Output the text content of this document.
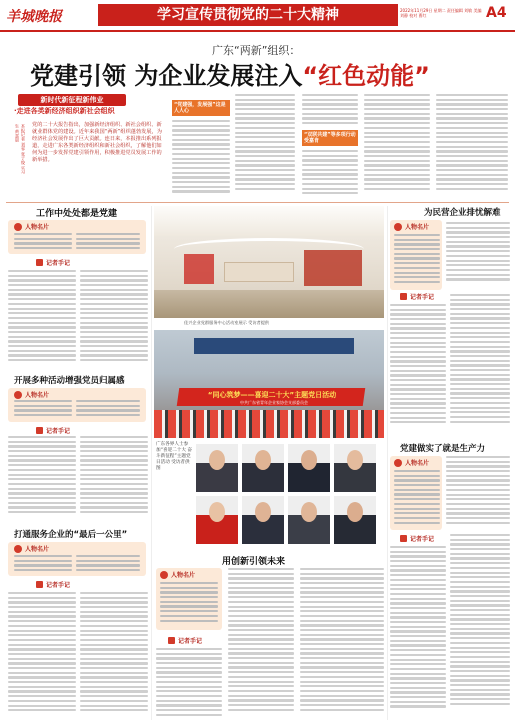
羊城晚报	学习宣传贯彻党的二十大精神	2022年11月29日 星期二 责任编辑 刘敏 美编 刘静 校对 曹红	A4
广东“两新”组织：
党建引领 为企业发展注入“红色动能”
新时代新征程新伟业
·走进各类新经济组织新社会组织
本报记者 刘蓉 张子俊 实习生 黄嘉晨	党的二十大报告指出，加强新经济组织、新社会组织、新就业群体党的建设。近年来我国“两新”组织蓬勃发展，为经济社会发展作出了巨大贡献。连日来，本报推出系列报道，走进广东各类新经济组织和新社会组织，了解他们如何为进一步发挥党建引领作用，积极推进党员发展工作的新举措。
“党建强，发展强”这是人人心
“双联共建”等多项行动受嘉肯
工作中处处都是党建
人物名片
记者手记
开展多种活动增强党员归属感
人物名片
记者手记
打通服务企业的“最后一公里”
人物名片
记者手记
佳兴企业党群服务中心活动室展示 受访者提供
“同心筑梦——喜迎二十大”主题党日活动
中共广东省青年企业家协会支部委员会
广东各界人士参加“喜迎二十大 奋斗新征程”主题党日活动 受访者供图
用创新引领未来
人物名片
记者手记
为民营企业排忧解难
人物名片
记者手记
党建做实了就是生产力
人物名片
记者手记
